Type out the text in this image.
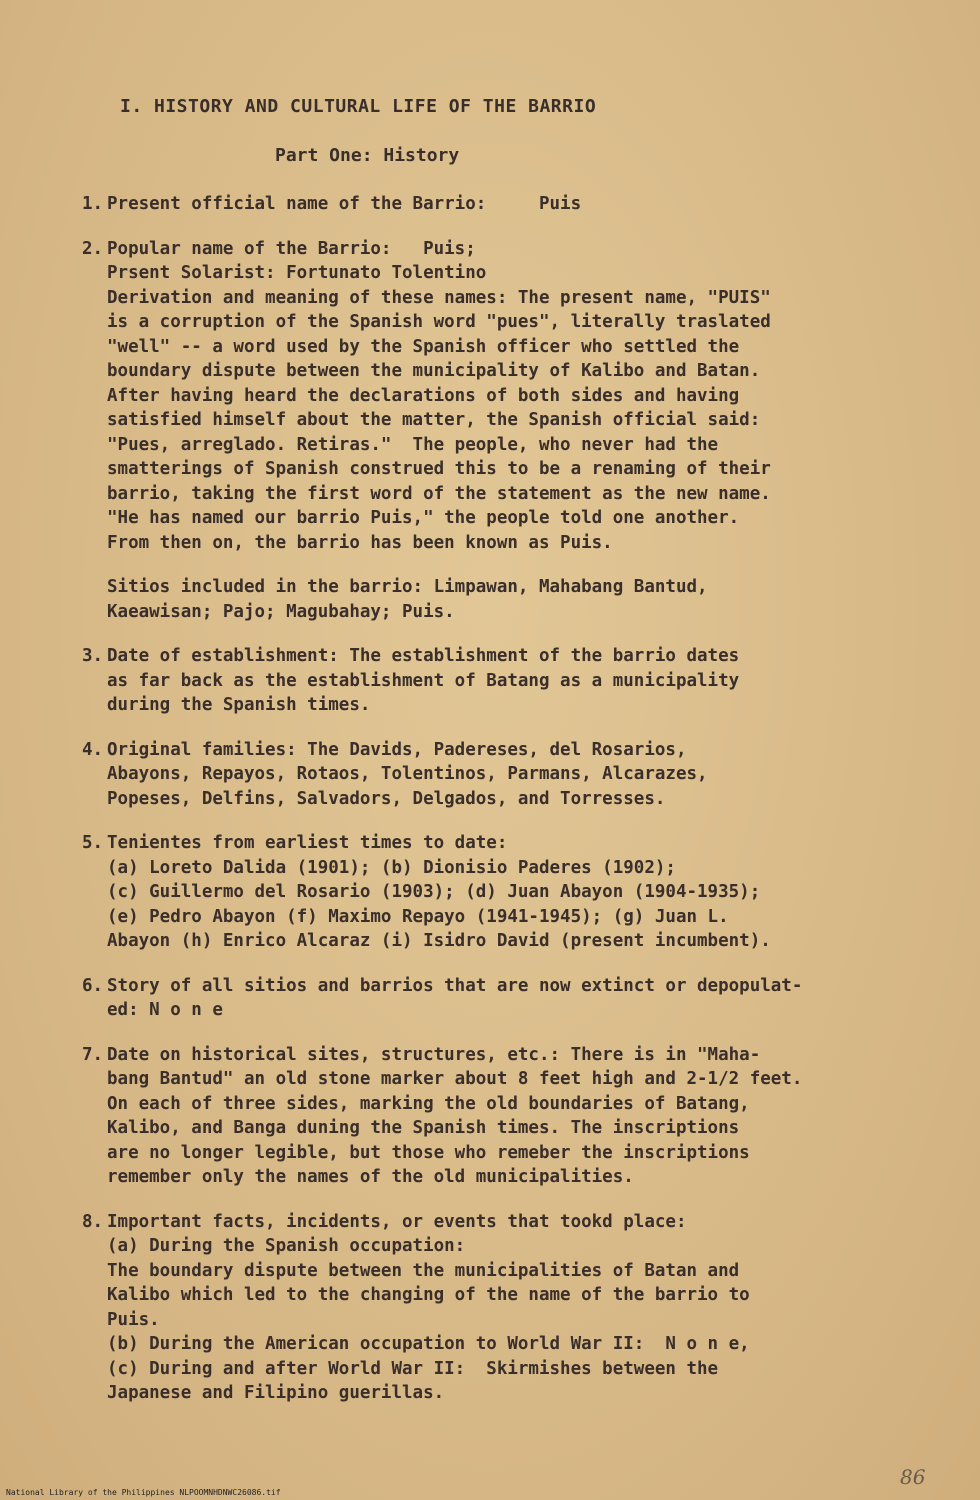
I. HISTORY AND CULTURAL LIFE OF THE BARRIO
Part One: History
1. Present official name of the Barrio:     Puis
2. Popular name of the Barrio:   Puis;
Prsent Solarist: Fortunato Tolentino
Derivation and meaning of these names: The present name, "PUIS"
is a corruption of the Spanish word "pues", literally traslated
"well" -- a word used by the Spanish officer who settled the
boundary dispute between the municipality of Kalibo and Batan.
After having heard the declarations of both sides and having
satisfied himself about the matter, the Spanish official said:
"Pues, arreglado. Retiras."  The people, who never had the
smatterings of Spanish construed this to be a renaming of their
barrio, taking the first word of the statement as the new name.
"He has named our barrio Puis," the people told one another.
From then on, the barrio has been known as Puis.
Sitios included in the barrio: Limpawan, Mahabang Bantud,
Kaeawisan; Pajo; Magubahay; Puis.
3. Date of establishment: The establishment of the barrio dates
as far back as the establishment of Batang as a municipality
during the Spanish times.
4. Original families: The Davids, Padereses, del Rosarios,
Abayons, Repayos, Rotaos, Tolentinos, Parmans, Alcarazes,
Popeses, Delfins, Salvadors, Delgados, and Torresses.
5. Tenientes from earliest times to date:
(a) Loreto Dalida (1901); (b) Dionisio Paderes (1902);
(c) Guillermo del Rosario (1903); (d) Juan Abayon (1904-1935);
(e) Pedro Abayon (f) Maximo Repayo (1941-1945); (g) Juan L.
Abayon (h) Enrico Alcaraz (i) Isidro David (present incumbent).
6. Story of all sitios and barrios that are now extinct or depopulat-
ed: N o n e
7. Date on historical sites, structures, etc.: There is in "Maha-
bang Bantud" an old stone marker about 8 feet high and 2-1/2 feet.
On each of three sides, marking the old boundaries of Batang,
Kalibo, and Banga duning the Spanish times. The inscriptions
are no longer legible, but those who remeber the inscriptions
remember only the names of the old municipalities.
8. Important facts, incidents, or events that tookd place:
(a) During the Spanish occupation:
The boundary dispute between the municipalities of Batan and
Kalibo which led to the changing of the name of the barrio to
Puis.
(b) During the American occupation to World War II:  N o n e,
(c) During and after World War II:  Skirmishes between the
Japanese and Filipino guerillas.
National Library of the Philippines NLPOOMNHDNWC26086.tif
86
